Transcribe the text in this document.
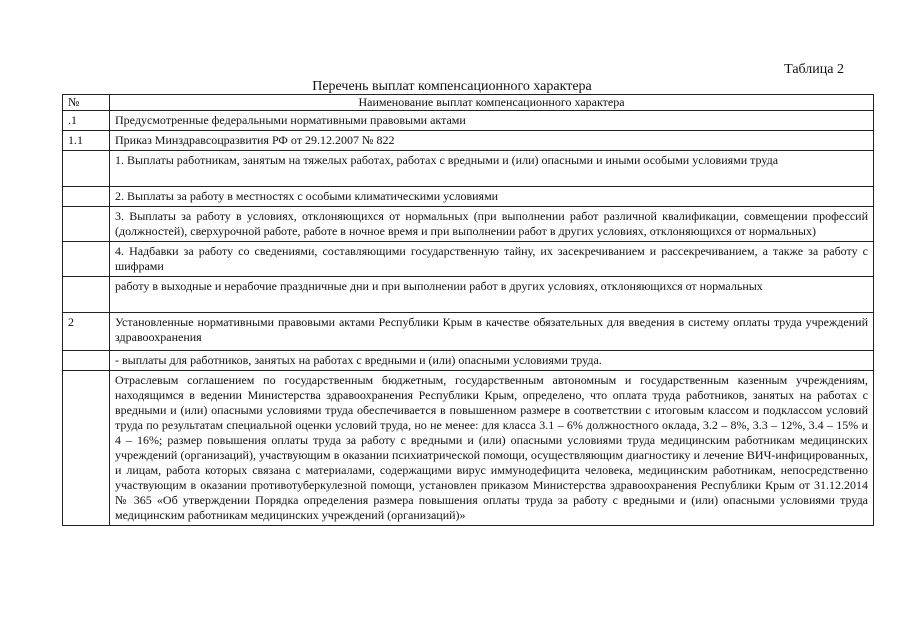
Таблица 2
Перечень выплат компенсационного характера
№	Наименование выплат компенсационного характера
.1	Предусмотренные федеральными нормативными правовыми актами
1.1	Приказ Минздравсоцразвития РФ от 29.12.2007 № 822
	1. Выплаты работникам, занятым на тяжелых работах, работах с вредными и (или) опасными и иными особыми условиями труда
	2. Выплаты за работу в местностях с особыми климатическими условиями
	3. Выплаты за работу в условиях, отклоняющихся от нормальных (при выполнении работ различной квалификации, совмещении профессий (должностей), сверхурочной работе, работе в ночное время и при выполнении работ в других условиях, отклоняющихся от нормальных)
	4. Надбавки за работу со сведениями, составляющими государственную тайну, их засекречиванием и рассекречиванием, а также за работу с шифрами
	работу в выходные и нерабочие праздничные дни и при выполнении работ в других условиях, отклоняющихся от нормальных
2	Установленные нормативными правовыми актами Республики Крым в качестве обязательных для введения в систему оплаты труда учреждений здравоохранения
	- выплаты для работников, занятых на работах с вредными и (или) опасными условиями труда.
	Отраслевым соглашением по государственным бюджетным, государственным автономным и государственным казенным учреждениям, находящимся в ведении Министерства здравоохранения Республики Крым, определено, что оплата труда работников, занятых на работах с вредными и (или) опасными условиями труда обеспечивается в повышенном размере в соответствии с итоговым классом и подклассом условий труда по результатам специальной оценки условий труда, но не менее: для класса 3.1 – 6% должностного оклада, 3.2 – 8%, 3.3 – 12%, 3.4 – 15% и 4 – 16%; размер повышения оплаты труда за работу с вредными и (или) опасными условиями труда медицинским работникам медицинских учреждений (организаций), участвующим в оказании психиатрической помощи, осуществляющим диагностику и лечение ВИЧ-инфицированных, и лицам, работа которых связана с материалами, содержащими вирус иммунодефицита человека, медицинским работникам, непосредственно участвующим в оказании противотуберкулезной помощи, установлен приказом Министерства здравоохранения Республики Крым от 31.12.2014 № 365 «Об утверждении Порядка определения размера повышения оплаты труда за работу с вредными и (или) опасными условиями труда медицинским работникам медицинских учреждений (организаций)»
